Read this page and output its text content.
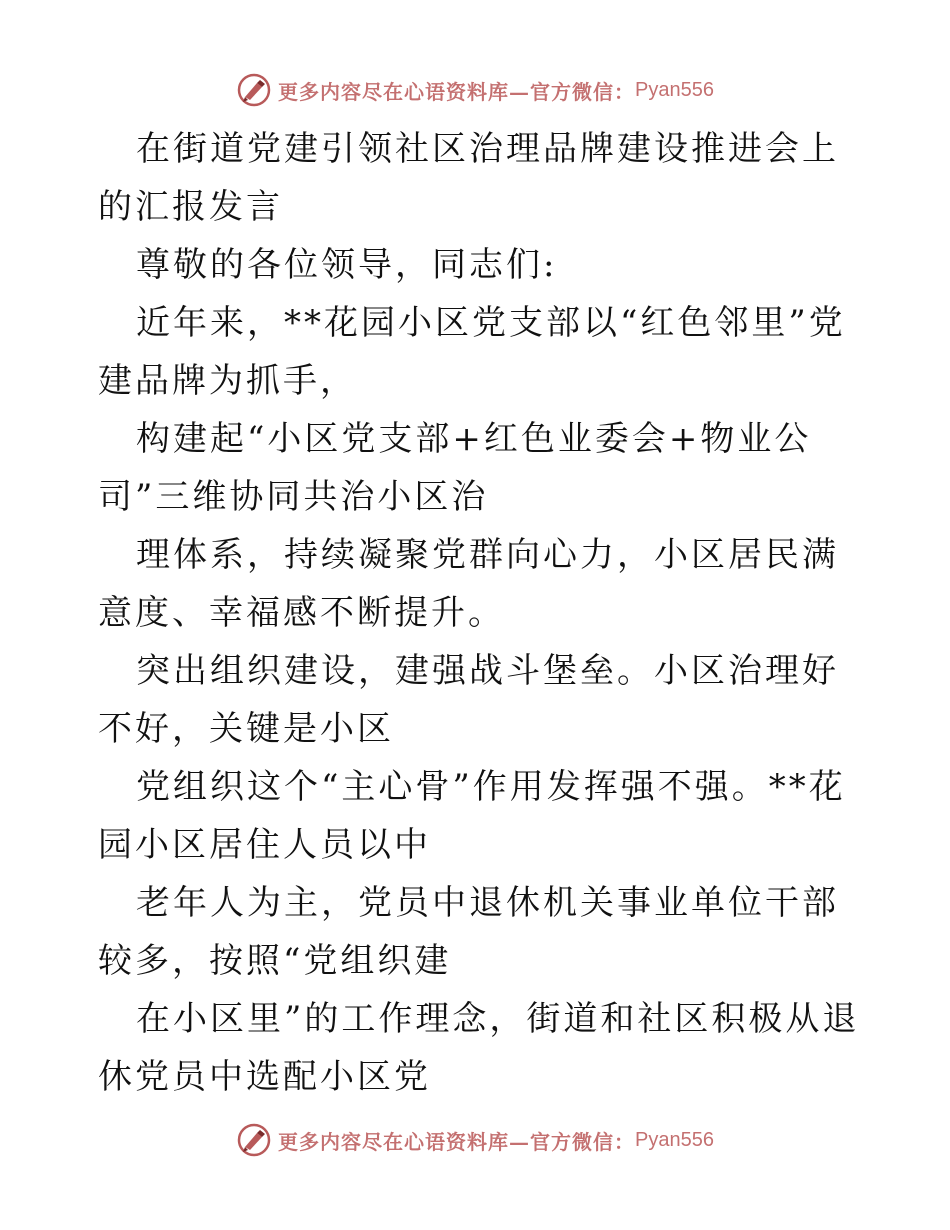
更多内容尽在心语资料库—官方微信： Pyan556

在街道党建引领社区治理品牌建设推进会上的汇报发言

尊敬的各位领导，同志们:

近年来，**花园小区党支部以“红色邻里”党建品牌为抓手，

构建起“小区党支部+红色业委会+物业公司”三维协同共治小区治

理体系，持续凝聚党群向心力，小区居民满意度、幸福感不断提升。

突出组织建设，建强战斗堡垒。小区治理好不好，关键是小区

党组织这个“主心骨”作用发挥强不强。**花园小区居住人员以中

老年人为主，党员中退休机关事业单位干部较多，按照“党组织建

在小区里”的工作理念，街道和社区积极从退休党员中选配小区党

更多内容尽在心语资料库—官方微信： Pyan556
